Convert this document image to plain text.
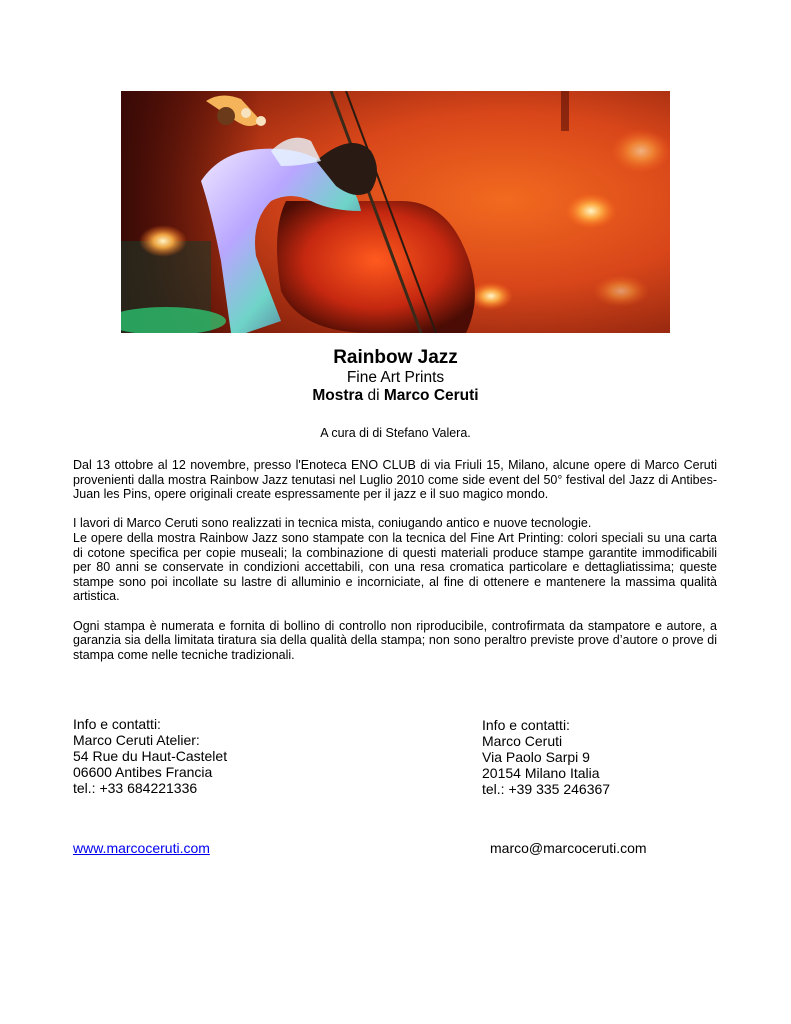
Rainbow Jazz

Fine Art Prints

Mostra di Marco Ceruti

A cura di di Stefano Valera.

Dal 13 ottobre al 12 novembre, presso l'Enoteca ENO CLUB di via Friuli 15, Milano, alcune opere di Marco Ceruti provenienti dalla mostra Rainbow Jazz tenutasi nel Luglio 2010 come side event del 50° festival del Jazz di Antibes-Juan les Pins, opere originali create espressamente per il jazz e il suo magico mondo.

I lavori di Marco Ceruti sono realizzati in tecnica mista, coniugando antico e nuove tecnologie.

Le opere della mostra Rainbow Jazz sono stampate con la tecnica del Fine Art Printing: colori speciali su una carta di cotone specifica per copie museali; la combinazione di questi materiali produce stampe garantite immodificabili per 80 anni se conservate in condizioni accettabili, con una resa cromatica particolare e dettagliatissima; queste stampe sono poi incollate su lastre di alluminio e incorniciate, al fine di ottenere e mantenere la massima qualità artistica.

Ogni stampa è numerata e fornita di bollino di controllo non riproducibile, controfirmata da stampatore e autore, a garanzia sia della limitata tiratura sia della qualità della stampa; non sono peraltro previste prove d’autore o prove di stampa come nelle tecniche tradizionali.

Info e contatti:
Marco Ceruti Atelier:
54 Rue du Haut-Castelet
06600 Antibes Francia
tel.: +33 684221336
Info e contatti:
Marco Ceruti
Via Paolo Sarpi 9
20154 Milano Italia
tel.: +39 335 246367
www.marcoceruti.com	marco@marcoceruti.com
